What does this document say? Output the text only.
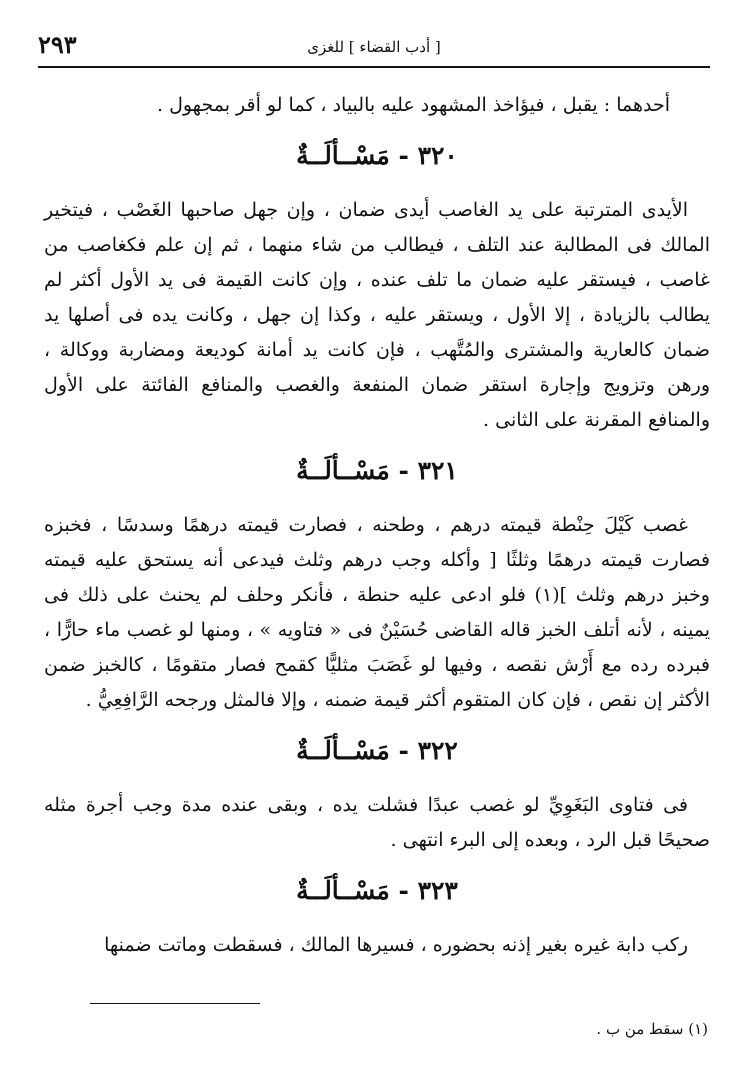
٢٩٣	[ أدب القضاء ] للغزى

أحدهما : يقبل ، فيؤاخذ المشهود عليه بالبياد ، كما لو أقر بمجهول .

٣٢٠ - مَسْــألَــةٌ

الأيدى المترتبة على يد الغاصب أيدى ضمان ، وإن جهل صاحبها الغَصْب ، فيتخير المالك فى المطالبة عند التلف ، فيطالب من شاء منهما ، ثم إن علم فكغاصب من غاصب ، فيستقر عليه ضمان ما تلف عنده ، وإن كانت القيمة فى يد الأول أكثر لم يطالب بالزيادة ، إلا الأول ، ويستقر عليه ، وكذا إن جهل ، وكانت يده فى أصلها يد ضمان كالعارية والمشترى والمُتَّهب ، فإن كانت يد أمانة كوديعة ومضاربة ووكالة ، ورهن وتزويج وإجارة استقر ضمان المنفعة والغصب والمنافع الفائتة على الأول والمنافع المقرنة على الثانى .

٣٢١ - مَسْــألَــةٌ

غصب كَيْلَ حِنْطة قيمته درهم ، وطحنه ، فصارت قيمته درهمًا وسدسًا ، فخبزه فصارت قيمته درهمًا وثلثًا [ وأكله وجب درهم وثلث فيدعى أنه يستحق عليه قيمته وخبز درهم وثلث ](١) فلو ادعى عليه حنطة ، فأنكر وحلف لم يحنث على ذلك فى يمينه ، لأنه أتلف الخبز قاله القاضى حُسَيْنٌ فى « فتاويه » ، ومنها لو غصب ماء حارًّا ، فبرده رده مع أَرْش نقصه ، وفيها لو غَصَبَ مثليًّا كقمح فصار متقومًا ، كالخبز ضمن الأكثر إن نقص ، فإن كان المتقوم أكثر قيمة ضمنه ، وإلا فالمثل ورجحه الرَّافِعِيُّ .

٣٢٢ - مَسْــألَــةٌ

فى فتاوى البَغَوِيِّ لو غصب عبدًا فشلت يده ، وبقى عنده مدة وجب أجرة مثله صحيحًا قبل الرد ، وبعده إلى البرء انتهى .

٣٢٣ - مَسْــألَــةٌ

ركب دابة غيره بغير إذنه بحضوره ، فسيرها المالك ، فسقطت وماتت ضمنها

(١) سقط من ب .
